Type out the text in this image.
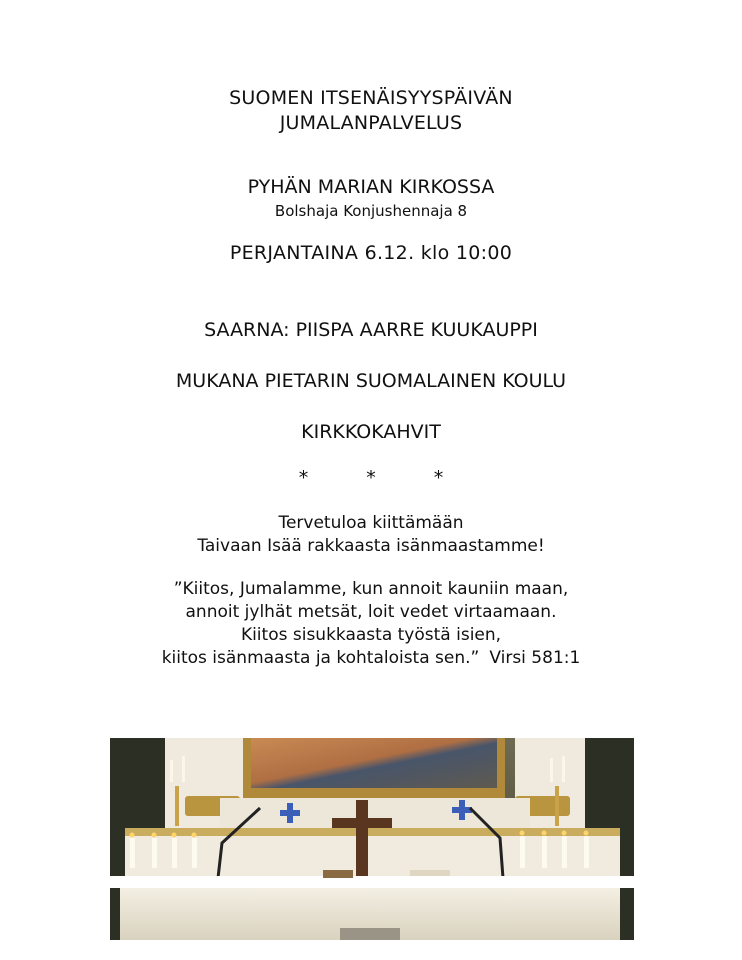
SUOMEN ITSENÄISYYSPÄIVÄN
JUMALANPALVELUS
PYHÄN MARIAN KIRKOSSA
Bolshaja Konjushennaja 8
PERJANTAINA 6.12. klo 10:00
SAARNA: PIISPA AARRE KUUKAUPPI
MUKANA PIETARIN SUOMALAINEN KOULU
KIRKKOKAHVIT
* * *
Tervetuloa kiittämään
Taivaan Isää rakkaasta isänmaastamme!
”Kiitos, Jumalamme, kun annoit kauniin maan,
annoit jylhät metsät, loit vedet virtaamaan.
Kiitos sisukkaasta työstä isien,
kiitos isänmaasta ja kohtaloista sen.” Virsi 581:1
